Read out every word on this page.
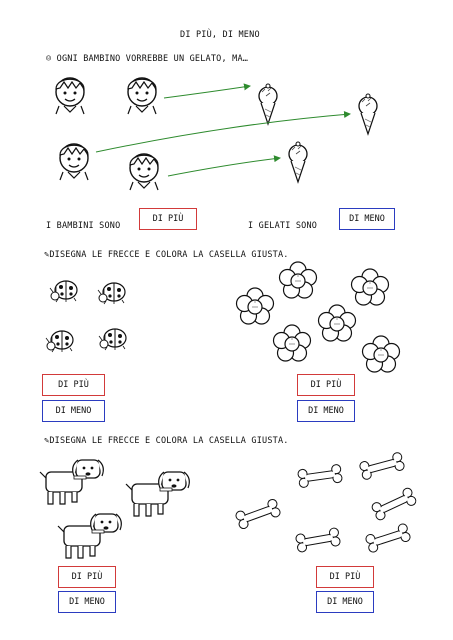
DI PIÙ, DI MENO
☺ OGNI BAMBINO VORREBBE UN GELATO, MA…
I BAMBINI SONO
DI PIÙ
I GELATI SONO
DI MENO
✎DISEGNA LE FRECCE E COLORA LA CASELLA GIUSTA.
DI PIÙ
DI MENO
DI PIÙ
DI MENO
✎DISEGNA LE FRECCE E COLORA LA CASELLA GIUSTA.
DI PIÙ
DI MENO
DI PIÙ
DI MENO
